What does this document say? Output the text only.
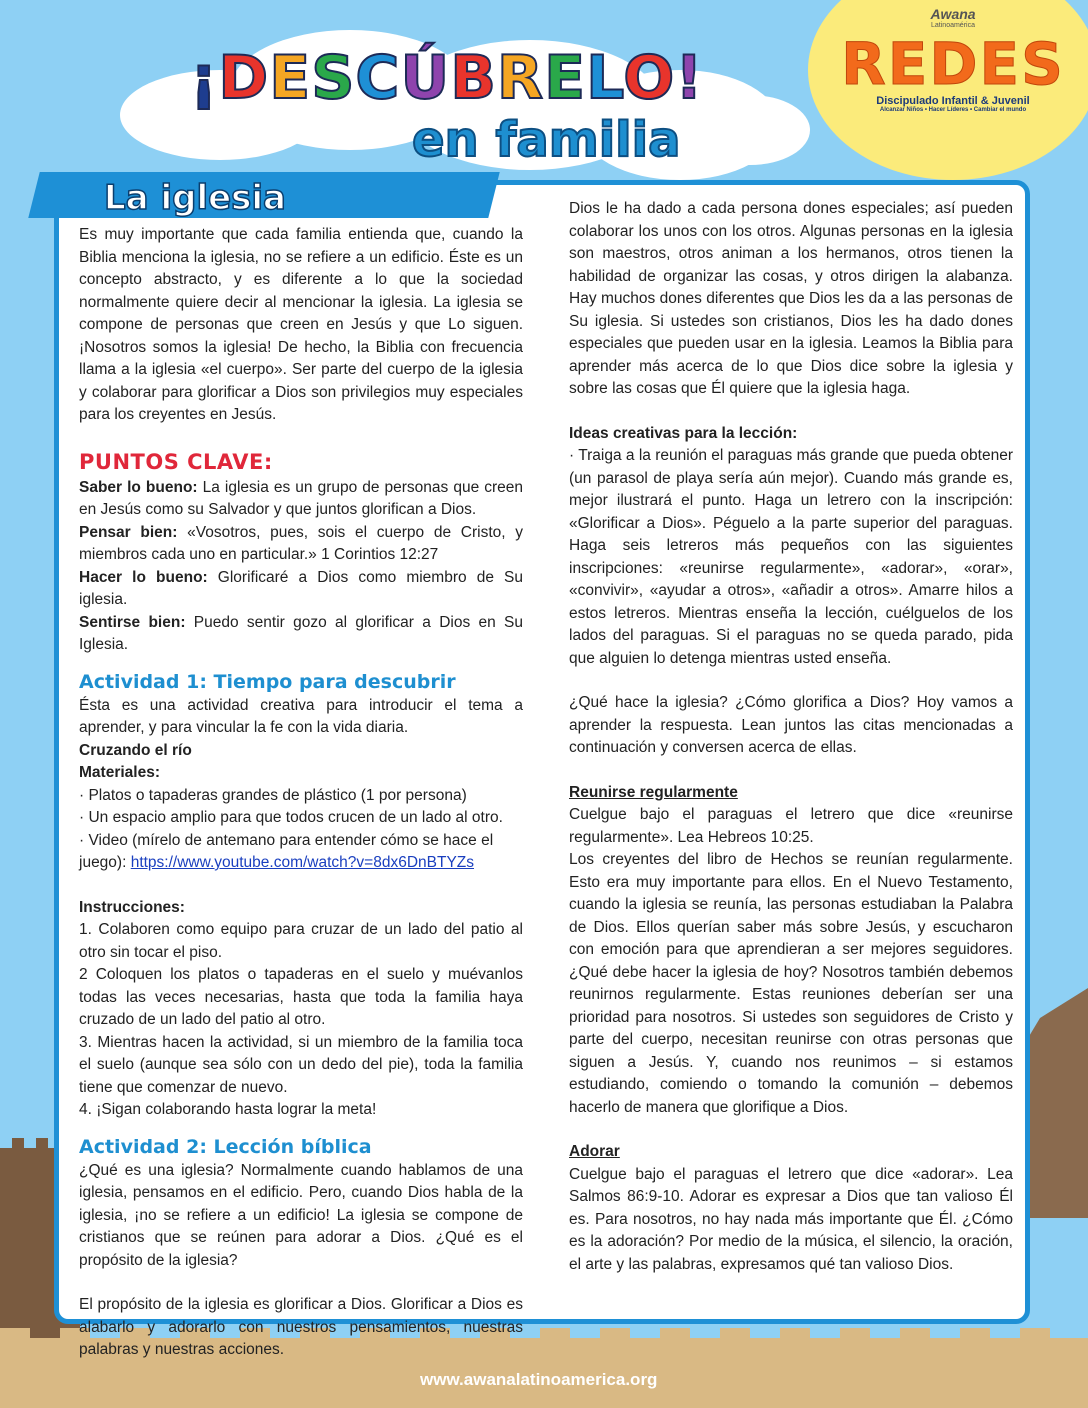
¡DESCÚBRELO!
en familia
Awana
Latinoamérica
REDES
Discipulado Infantil & Juvenil
Alcanzar Niños • Hacer Líderes • Cambiar el mundo
La iglesia

Es muy importante que cada familia entienda que, cuando la Biblia menciona la iglesia, no se refiere a un edificio. Éste es un concepto abstracto, y es diferente a lo que la sociedad normalmente quiere decir al mencionar la iglesia. La iglesia se compone de personas que creen en Jesús y que Lo siguen. ¡Nosotros somos la iglesia! De hecho, la Biblia con frecuencia llama a la iglesia «el cuerpo». Ser parte del cuerpo de la iglesia y colaborar para glorificar a Dios son privilegios muy especiales para los creyentes en Jesús.

PUNTOS CLAVE:

Saber lo bueno: La iglesia es un grupo de personas que creen en Jesús como su Salvador y que juntos glorifican a Dios.

Pensar bien: «Vosotros, pues, sois el cuerpo de Cristo, y miembros cada uno en particular.» 1 Corintios 12:27

Hacer lo bueno: Glorificaré a Dios como miembro de Su iglesia.

Sentirse bien: Puedo sentir gozo al glorificar a Dios en Su Iglesia.

Actividad 1: Tiempo para descubrir

Ésta es una actividad creativa para introducir el tema a aprender, y para vincular la fe con la vida diaria.

Cruzando el río

Materiales:

· Platos o tapaderas grandes de plástico (1 por persona)

· Un espacio amplio para que todos crucen de un lado al otro.

· Video (mírelo de antemano para entender cómo se hace el juego): https://www.youtube.com/watch?v=8dx6DnBTYZs

Instrucciones:

1. Colaboren como equipo para cruzar de un lado del patio al otro sin tocar el piso.

2 Coloquen los platos o tapaderas en el suelo y muévanlos todas las veces necesarias, hasta que toda la familia haya cruzado de un lado del patio al otro.

3. Mientras hacen la actividad, si un miembro de la familia toca el suelo (aunque sea sólo con un dedo del pie), toda la familia tiene que comenzar de nuevo.

4. ¡Sigan colaborando hasta lograr la meta!

Actividad 2: Lección bíblica

¿Qué es una iglesia? Normalmente cuando hablamos de una iglesia, pensamos en el edificio. Pero, cuando Dios habla de la iglesia, ¡no se refiere a un edificio! La iglesia se compone de cristianos que se reúnen para adorar a Dios. ¿Qué es el propósito de la iglesia?

El propósito de la iglesia es glorificar a Dios. Glorificar a Dios es alabarlo y adorarlo con nuestros pensamientos, nuestras palabras y nuestras acciones.

Dios le ha dado a cada persona dones especiales; así pueden colaborar los unos con los otros. Algunas personas en la iglesia son maestros, otros animan a los hermanos, otros tienen la habilidad de organizar las cosas, y otros dirigen la alabanza. Hay muchos dones diferentes que Dios les da a las personas de Su iglesia. Si ustedes son cristianos, Dios les ha dado dones especiales que pueden usar en la iglesia. Leamos la Biblia para aprender más acerca de lo que Dios dice sobre la iglesia y sobre las cosas que Él quiere que la iglesia haga.

Ideas creativas para la lección:

· Traiga a la reunión el paraguas más grande que pueda obtener (un parasol de playa sería aún mejor). Cuando más grande es, mejor ilustrará el punto. Haga un letrero con la inscripción: «Glorificar a Dios». Péguelo a la parte superior del paraguas. Haga seis letreros más pequeños con las siguientes inscripciones: «reunirse regularmente», «adorar», «orar», «convivir», «ayudar a otros», «añadir a otros». Amarre hilos a estos letreros. Mientras enseña la lección, cuélguelos de los lados del paraguas. Si el paraguas no se queda parado, pida que alguien lo detenga mientras usted enseña.

¿Qué hace la iglesia? ¿Cómo glorifica a Dios? Hoy vamos a aprender la respuesta. Lean juntos las citas mencionadas a continuación y conversen acerca de ellas.

Reunirse regularmente

Cuelgue bajo el paraguas el letrero que dice «reunirse regularmente». Lea Hebreos 10:25.

Los creyentes del libro de Hechos se reunían regularmente. Esto era muy importante para ellos. En el Nuevo Testamento, cuando la iglesia se reunía, las personas estudiaban la Palabra de Dios. Ellos querían saber más sobre Jesús, y escucharon con emoción para que aprendieran a ser mejores seguidores. ¿Qué debe hacer la iglesia de hoy? Nosotros también debemos reunirnos regularmente. Estas reuniones deberían ser una prioridad para nosotros. Si ustedes son seguidores de Cristo y parte del cuerpo, necesitan reunirse con otras personas que siguen a Jesús. Y, cuando nos reunimos – si estamos estudiando, comiendo o tomando la comunión – debemos hacerlo de manera que glorifique a Dios.

Adorar

Cuelgue bajo el paraguas el letrero que dice «adorar». Lea Salmos 86:9-10. Adorar es expresar a Dios que tan valioso Él es. Para nosotros, no hay nada más importante que Él. ¿Cómo es la adoración? Por medio de la música, el silencio, la oración, el arte y las palabras, expresamos qué tan valioso Dios.

www.awanalatinoamerica.org
